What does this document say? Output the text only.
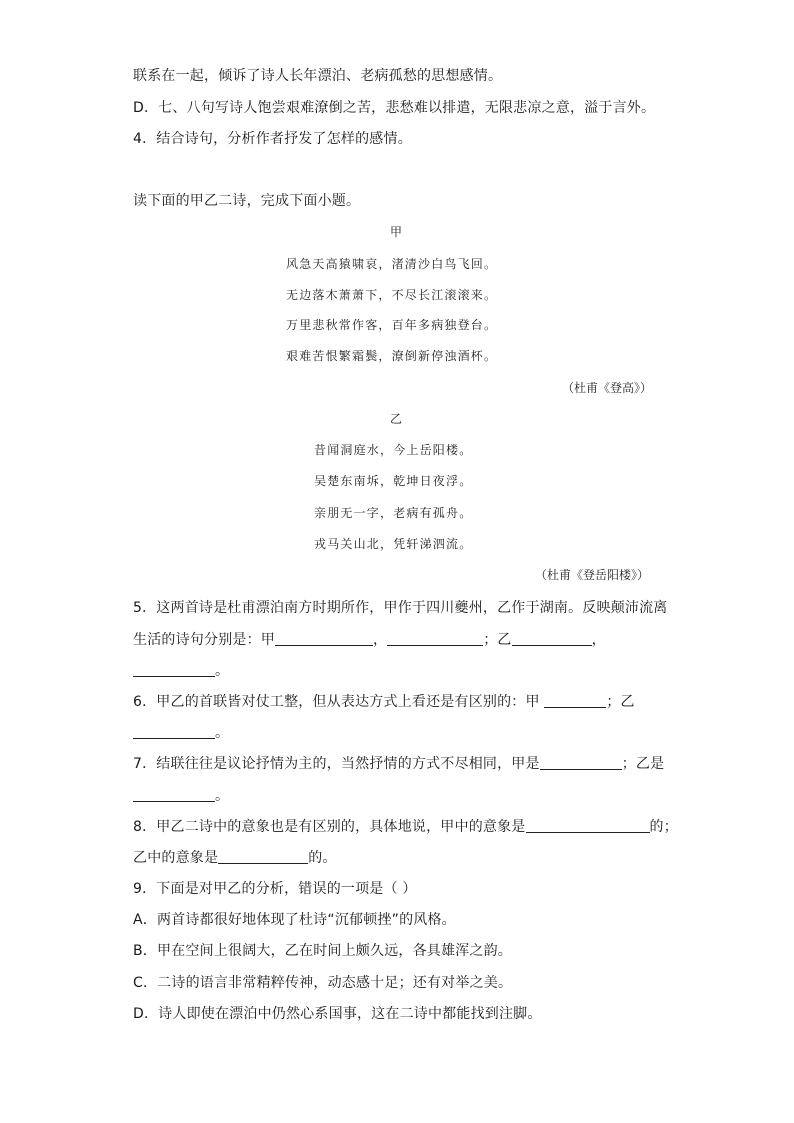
联系在一起，倾诉了诗人长年漂泊、老病孤愁的思想感情。
D．七、八句写诗人饱尝艰难潦倒之苦，悲愁难以排遣，无限悲凉之意，溢于言外。
4．结合诗句，分析作者抒发了怎样的感情。
读下面的甲乙二诗，完成下面小题。
甲
风急天高猿啸哀，渚清沙白鸟飞回。
无边落木萧萧下，不尽长江滚滚来。
万里悲秋常作客，百年多病独登台。
艰难苦恨繁霜鬓，潦倒新停浊酒杯。
（杜甫《登高》）
乙
昔闻洞庭水，今上岳阳楼。
吴楚东南坼，乾坤日夜浮。
亲朋无一字，老病有孤舟。
戎马关山北，凭轩涕泗流。
（杜甫《登岳阳楼》）
5．这两首诗是杜甫漂泊南方时期所作，甲作于四川夔州，乙作于湖南。反映颠沛流离
生活的诗句分别是：甲	，	；乙	，
。
6．甲乙的首联皆对仗工整，但从表达方式上看还是有区别的：甲	；乙
。
7．结联往往是议论抒情为主的，当然抒情的方式不尽相同，甲是	；乙是
。
8．甲乙二诗中的意象也是有区别的，具体地说，甲中的意象是	的；
乙中的意象是	的。
9．下面是对甲乙的分析，错误的一项是（ ）
A．两首诗都很好地体现了杜诗“沉郁顿挫”的风格。
B．甲在空间上很阔大，乙在时间上颇久远，各具雄浑之韵。
C．二诗的语言非常精粹传神，动态感十足；还有对举之美。
D．诗人即使在漂泊中仍然心系国事，这在二诗中都能找到注脚。
